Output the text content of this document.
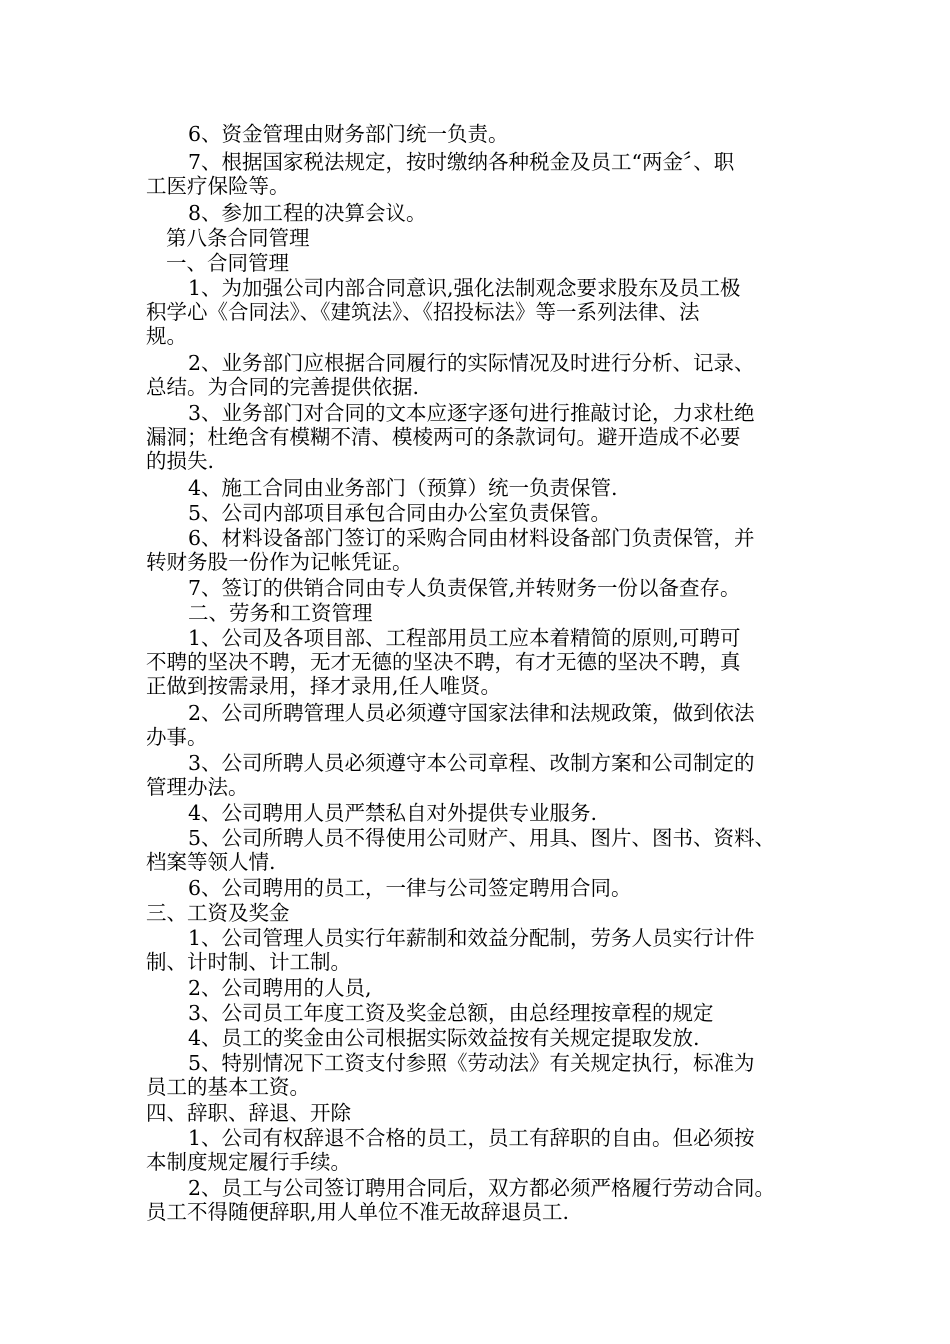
6、资金管理由财务部门统一负责。
7、根据国家税法规定，按时缴纳各种税金及员工“两金〞、职
工医疗保险等。
8、参加工程的决算会议。
第八条合同管理
一、合同管理
1、为加强公司内部合同意识,强化法制观念要求股东及员工极
积学心《合同法》、《建筑法》、《招投标法》等一系列法律、法
规。
2、业务部门应根据合同履行的实际情况及时进行分析、记录、
总结。为合同的完善提供依据.
3、业务部门对合同的文本应逐字逐句进行推敲讨论，力求杜绝
漏洞；杜绝含有模糊不清、模棱两可的条款词句。避开造成不必要
的损失.
4、施工合同由业务部门（预算）统一负责保管.
5、公司内部项目承包合同由办公室负责保管。
6、材料设备部门签订的采购合同由材料设备部门负责保管，并
转财务股一份作为记帐凭证。
7、签订的供销合同由专人负责保管,并转财务一份以备查存。
二、劳务和工资管理
1、公司及各项目部、工程部用员工应本着精简的原则,可聘可
不聘的坚决不聘，无才无德的坚决不聘，有才无德的坚决不聘，真
正做到按需录用，择才录用,任人唯贤。
2、公司所聘管理人员必须遵守国家法律和法规政策，做到依法
办事。
3、公司所聘人员必须遵守本公司章程、改制方案和公司制定的
管理办法。
4、公司聘用人员严禁私自对外提供专业服务.
5、公司所聘人员不得使用公司财产、用具、图片、图书、资料、
档案等领人情.
6、公司聘用的员工，一律与公司签定聘用合同。
三、工资及奖金
1、公司管理人员实行年薪制和效益分配制，劳务人员实行计件
制、计时制、计工制。
2、公司聘用的人员,
3、公司员工年度工资及奖金总额，由总经理按章程的规定
4、员工的奖金由公司根据实际效益按有关规定提取发放.
5、特别情况下工资支付参照《劳动法》有关规定执行，标准为
员工的基本工资。
四、辞职、辞退、开除
1、公司有权辞退不合格的员工，员工有辞职的自由。但必须按
本制度规定履行手续。
2、员工与公司签订聘用合同后，双方都必须严格履行劳动合同。
员工不得随便辞职,用人单位不准无故辞退员工.
